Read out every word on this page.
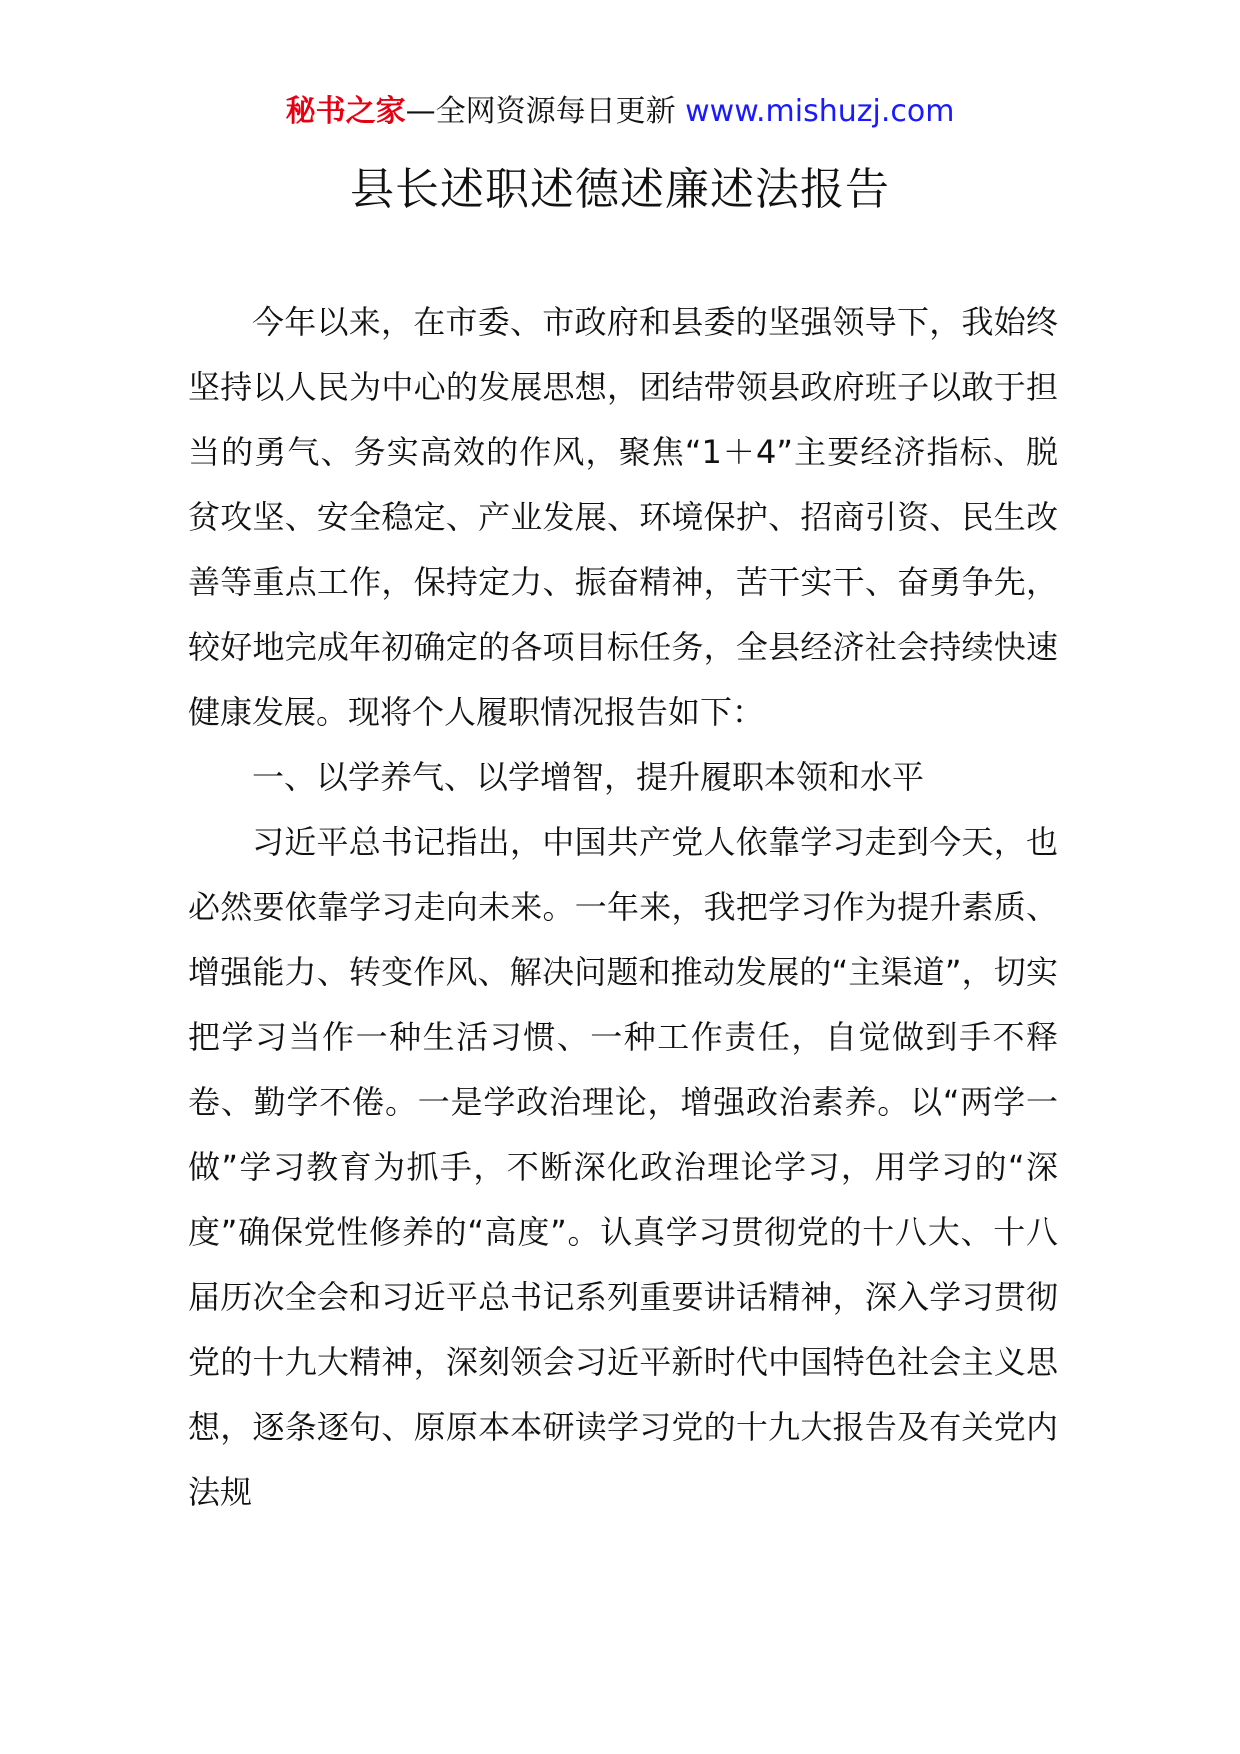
秘书之家—全网资源每日更新 www.mishuzj.com
县长述职述德述廉述法报告

今年以来，在市委、市政府和县委的坚强领导下，我始终坚持以人民为中心的发展思想，团结带领县政府班子以敢于担当的勇气、务实高效的作风，聚焦“1＋4”主要经济指标、脱贫攻坚、安全稳定、产业发展、环境保护、招商引资、民生改善等重点工作，保持定力、振奋精神，苦干实干、奋勇争先，较好地完成年初确定的各项目标任务，全县经济社会持续快速健康发展。现将个人履职情况报告如下：

一、以学养气、以学增智，提升履职本领和水平

习近平总书记指出，中国共产党人依靠学习走到今天，也必然要依靠学习走向未来。一年来，我把学习作为提升素质、增强能力、转变作风、解决问题和推动发展的“主渠道”，切实把学习当作一种生活习惯、一种工作责任，自觉做到手不释卷、勤学不倦。一是学政治理论，增强政治素养。以“两学一做”学习教育为抓手，不断深化政治理论学习，用学习的“深度”确保党性修养的“高度”。认真学习贯彻党的十八大、十八届历次全会和习近平总书记系列重要讲话精神，深入学习贯彻党的十九大精神，深刻领会习近平新时代中国特色社会主义思想，逐条逐句、原原本本研读学习党的十九大报告及有关党内法规
